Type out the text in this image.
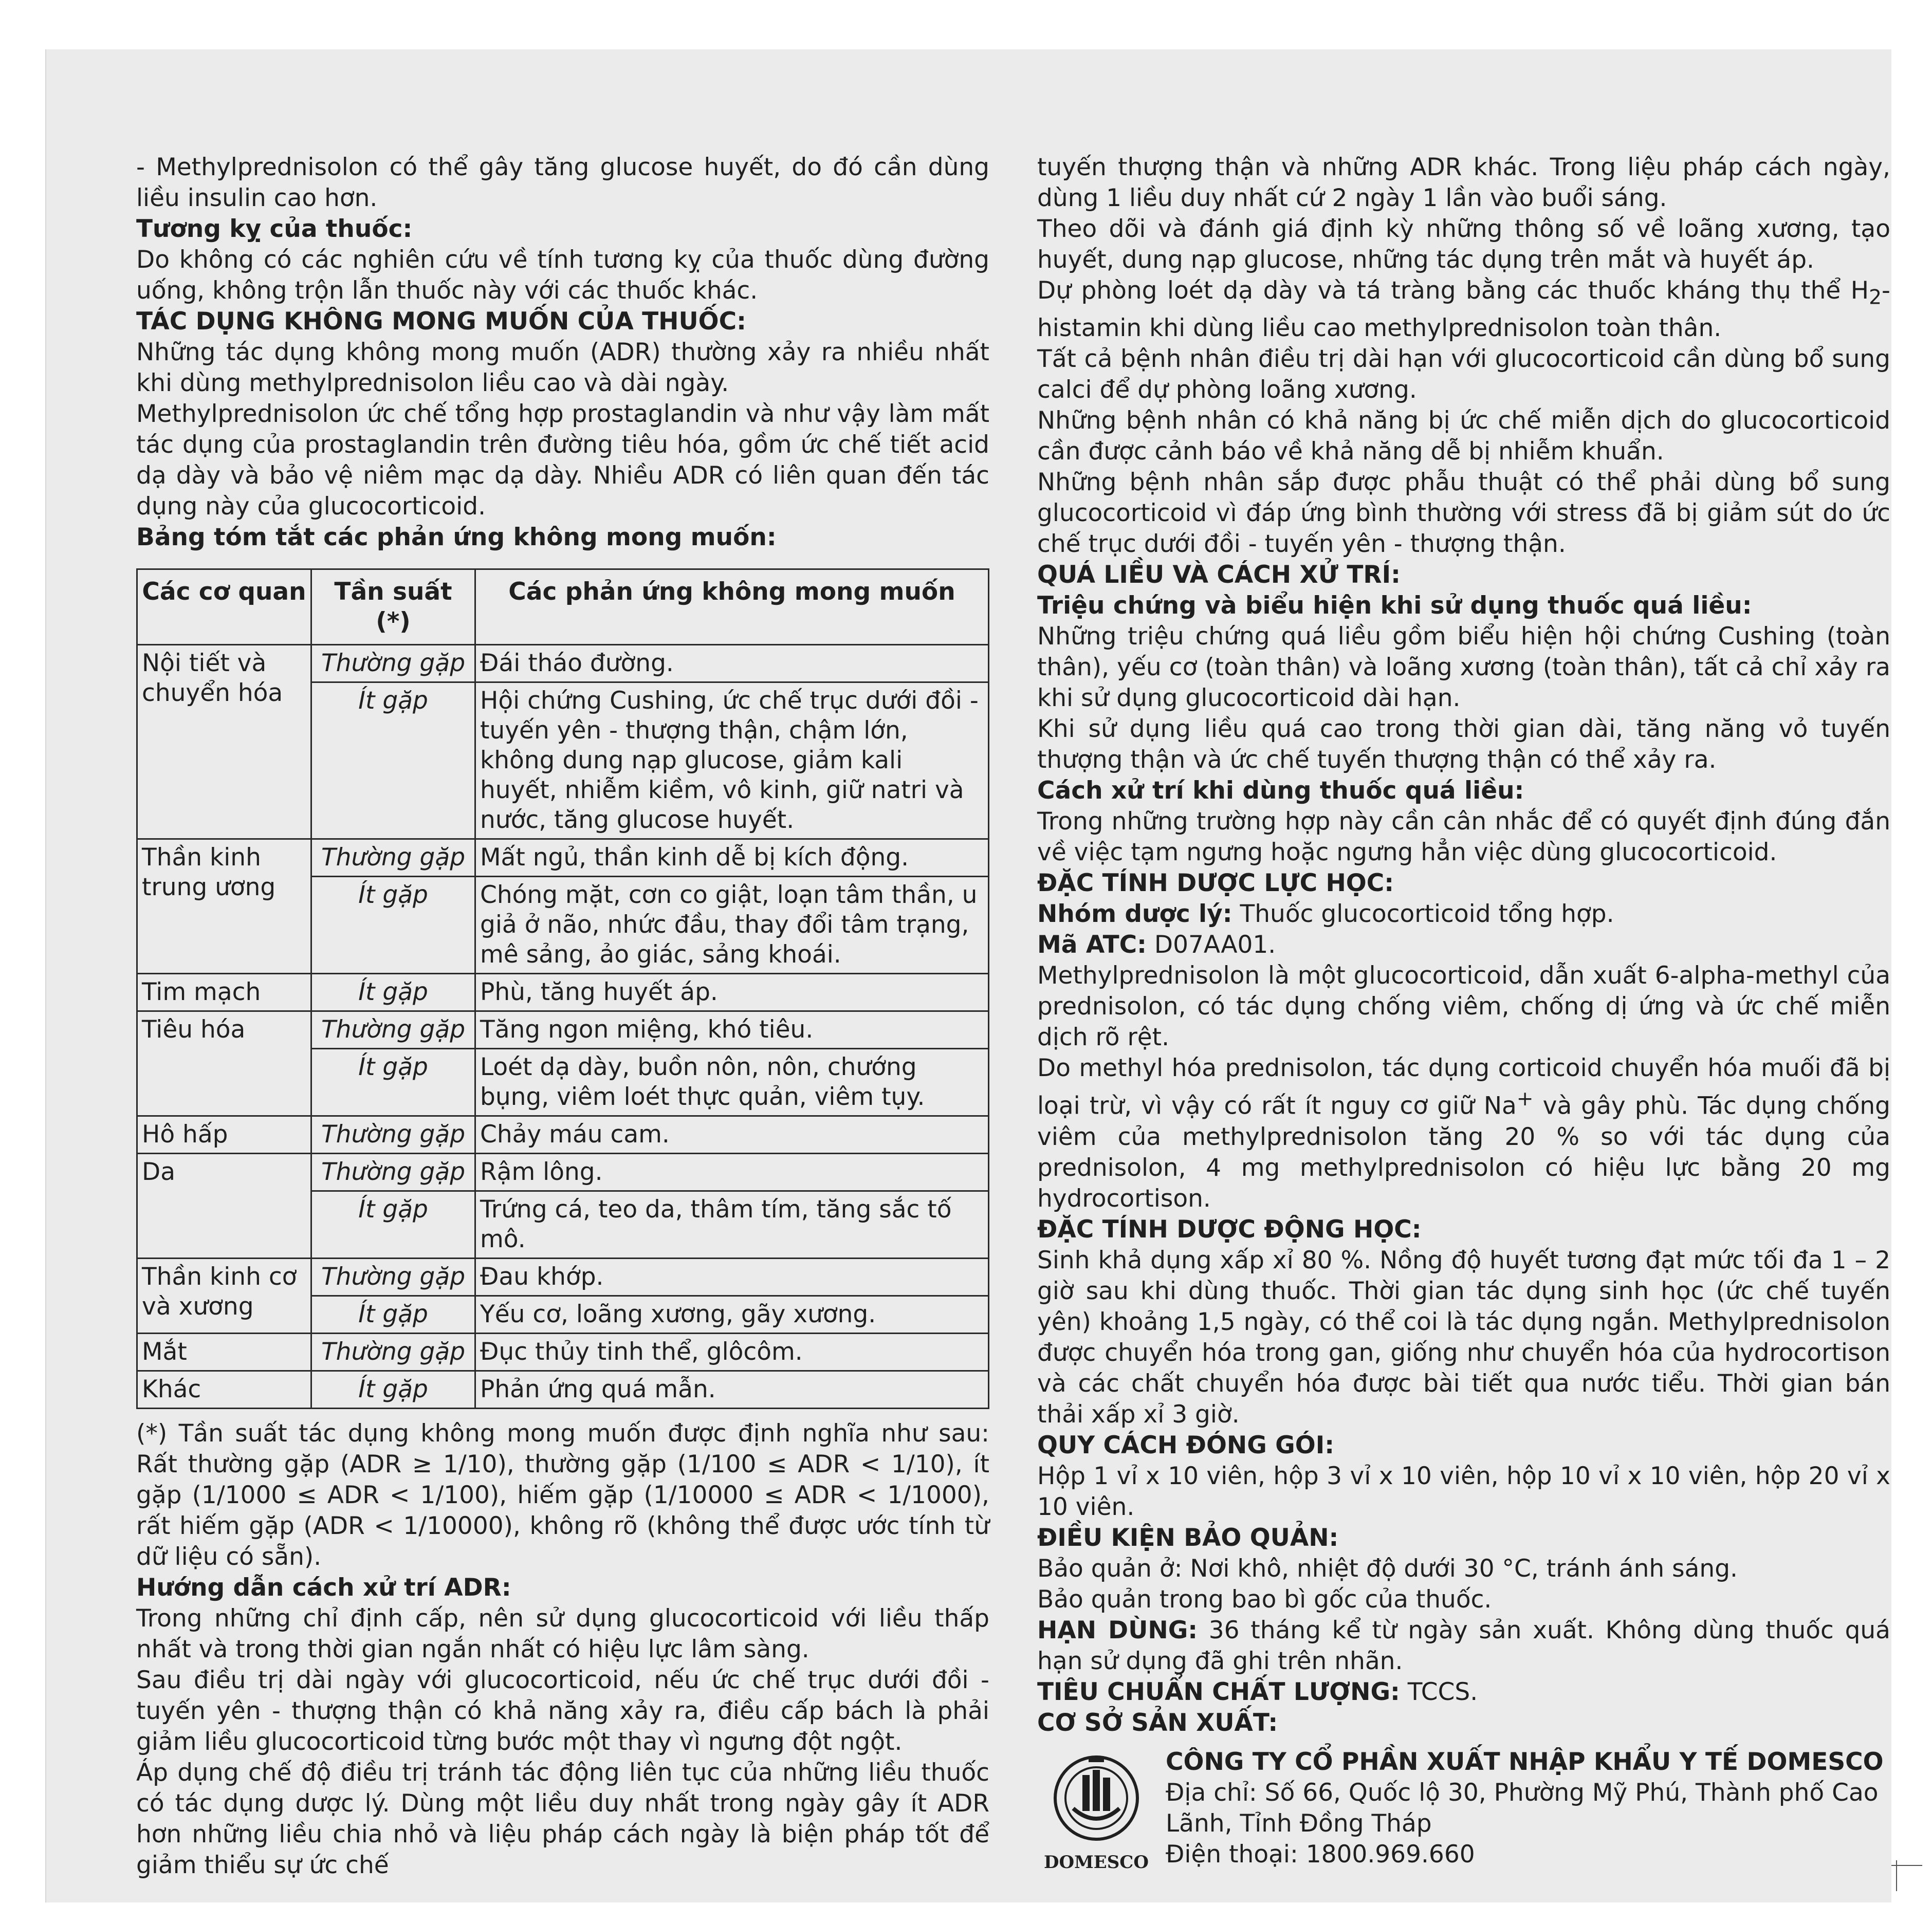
- Methylprednisolon có thể gây tăng glucose huyết, do đó cần dùng liều insulin cao hơn.

Tương kỵ của thuốc:

Do không có các nghiên cứu về tính tương kỵ của thuốc dùng đường uống, không trộn lẫn thuốc này với các thuốc khác.

TÁC DỤNG KHÔNG MONG MUỐN CỦA THUỐC:

Những tác dụng không mong muốn (ADR) thường xảy ra nhiều nhất khi dùng methylprednisolon liều cao và dài ngày.

Methylprednisolon ức chế tổng hợp prostaglandin và như vậy làm mất tác dụng của prostaglandin trên đường tiêu hóa, gồm ức chế tiết acid dạ dày và bảo vệ niêm mạc dạ dày. Nhiều ADR có liên quan đến tác dụng này của glucocorticoid.

Bảng tóm tắt các phản ứng không mong muốn:

Các cơ quan	Tần suất (*)	Các phản ứng không mong muốn
Nội tiết và chuyển hóa	Thường gặp	Đái tháo đường.
	Ít gặp	Hội chứng Cushing, ức chế trục dưới đồi - tuyến yên - thượng thận, chậm lớn, không dung nạp glucose, giảm kali huyết, nhiễm kiềm, vô kinh, giữ natri và nước, tăng glucose huyết.
Thần kinh trung ương	Thường gặp	Mất ngủ, thần kinh dễ bị kích động.
	Ít gặp	Chóng mặt, cơn co giật, loạn tâm thần, u giả ở não, nhức đầu, thay đổi tâm trạng, mê sảng, ảo giác, sảng khoái.
Tim mạch	Ít gặp	Phù, tăng huyết áp.
Tiêu hóa	Thường gặp	Tăng ngon miệng, khó tiêu.
	Ít gặp	Loét dạ dày, buồn nôn, nôn, chướng bụng, viêm loét thực quản, viêm tụy.
Hô hấp	Thường gặp	Chảy máu cam.
Da	Thường gặp	Rậm lông.
	Ít gặp	Trứng cá, teo da, thâm tím, tăng sắc tố mô.
Thần kinh cơ và xương	Thường gặp	Đau khớp.
	Ít gặp	Yếu cơ, loãng xương, gãy xương.
Mắt	Thường gặp	Đục thủy tinh thể, glôcôm.
Khác	Ít gặp	Phản ứng quá mẫn.

(*) Tần suất tác dụng không mong muốn được định nghĩa như sau: Rất thường gặp (ADR ≥ 1/10), thường gặp (1/100 ≤ ADR < 1/10), ít gặp (1/1000 ≤ ADR < 1/100), hiếm gặp (1/10000 ≤ ADR < 1/1000), rất hiếm gặp (ADR < 1/10000), không rõ (không thể được ước tính từ dữ liệu có sẵn).

Hướng dẫn cách xử trí ADR:

Trong những chỉ định cấp, nên sử dụng glucocorticoid với liều thấp nhất và trong thời gian ngắn nhất có hiệu lực lâm sàng.

Sau điều trị dài ngày với glucocorticoid, nếu ức chế trục dưới đồi - tuyến yên - thượng thận có khả năng xảy ra, điều cấp bách là phải giảm liều glucocorticoid từng bước một thay vì ngưng đột ngột.

Áp dụng chế độ điều trị tránh tác động liên tục của những liều thuốc có tác dụng dược lý. Dùng một liều duy nhất trong ngày gây ít ADR hơn những liều chia nhỏ và liệu pháp cách ngày là biện pháp tốt để giảm thiểu sự ức chế

tuyến thượng thận và những ADR khác. Trong liệu pháp cách ngày, dùng 1 liều duy nhất cứ 2 ngày 1 lần vào buổi sáng.

Theo dõi và đánh giá định kỳ những thông số về loãng xương, tạo huyết, dung nạp glucose, những tác dụng trên mắt và huyết áp.

Dự phòng loét dạ dày và tá tràng bằng các thuốc kháng thụ thể $H_2$-histamin khi dùng liều cao methylprednisolon toàn thân.

Tất cả bệnh nhân điều trị dài hạn với glucocorticoid cần dùng bổ sung calci để dự phòng loãng xương.

Những bệnh nhân có khả năng bị ức chế miễn dịch do glucocorticoid cần được cảnh báo về khả năng dễ bị nhiễm khuẩn.

Những bệnh nhân sắp được phẫu thuật có thể phải dùng bổ sung glucocorticoid vì đáp ứng bình thường với stress đã bị giảm sút do ức chế trục dưới đồi - tuyến yên - thượng thận.

QUÁ LIỀU VÀ CÁCH XỬ TRÍ:

Triệu chứng và biểu hiện khi sử dụng thuốc quá liều:

Những triệu chứng quá liều gồm biểu hiện hội chứng Cushing (toàn thân), yếu cơ (toàn thân) và loãng xương (toàn thân), tất cả chỉ xảy ra khi sử dụng glucocorticoid dài hạn.

Khi sử dụng liều quá cao trong thời gian dài, tăng năng vỏ tuyến thượng thận và ức chế tuyến thượng thận có thể xảy ra.

Cách xử trí khi dùng thuốc quá liều:

Trong những trường hợp này cần cân nhắc để có quyết định đúng đắn về việc tạm ngưng hoặc ngưng hẳn việc dùng glucocorticoid.

ĐẶC TÍNH DƯỢC LỰC HỌC:

Nhóm dược lý: Thuốc glucocorticoid tổng hợp.

Mã ATC: D07AA01.

Methylprednisolon là một glucocorticoid, dẫn xuất 6-alpha-methyl của prednisolon, có tác dụng chống viêm, chống dị ứng và ức chế miễn dịch rõ rệt.

Do methyl hóa prednisolon, tác dụng corticoid chuyển hóa muối đã bị loại trừ, vì vậy có rất ít nguy cơ giữ Na+ và gây phù. Tác dụng chống viêm của methylprednisolon tăng 20 % so với tác dụng của prednisolon, 4 mg methylprednisolon có hiệu lực bằng 20 mg hydrocortison.

ĐẶC TÍNH DƯỢC ĐỘNG HỌC:

Sinh khả dụng xấp xỉ 80 %. Nồng độ huyết tương đạt mức tối đa 1 – 2 giờ sau khi dùng thuốc. Thời gian tác dụng sinh học (ức chế tuyến yên) khoảng 1,5 ngày, có thể coi là tác dụng ngắn. Methylprednisolon được chuyển hóa trong gan, giống như chuyển hóa của hydrocortison và các chất chuyển hóa được bài tiết qua nước tiểu. Thời gian bán thải xấp xỉ 3 giờ.

QUY CÁCH ĐÓNG GÓI:

Hộp 1 vỉ x 10 viên, hộp 3 vỉ x 10 viên, hộp 10 vỉ x 10 viên, hộp 20 vỉ x 10 viên.

ĐIỀU KIỆN BẢO QUẢN:

Bảo quản ở: Nơi khô, nhiệt độ dưới 30 °C, tránh ánh sáng.

Bảo quản trong bao bì gốc của thuốc.

HẠN DÙNG: 36 tháng kể từ ngày sản xuất. Không dùng thuốc quá hạn sử dụng đã ghi trên nhãn.

TIÊU CHUẨN CHẤT LƯỢNG: TCCS.

CƠ SỞ SẢN XUẤT:

DOMESCO

CÔNG TY CỔ PHẦN XUẤT NHẬP KHẨU Y TẾ DOMESCO

Địa chỉ: Số 66, Quốc lộ 30, Phường Mỹ Phú, Thành phố Cao Lãnh, Tỉnh Đồng Tháp

Điện thoại: 1800.969.660
